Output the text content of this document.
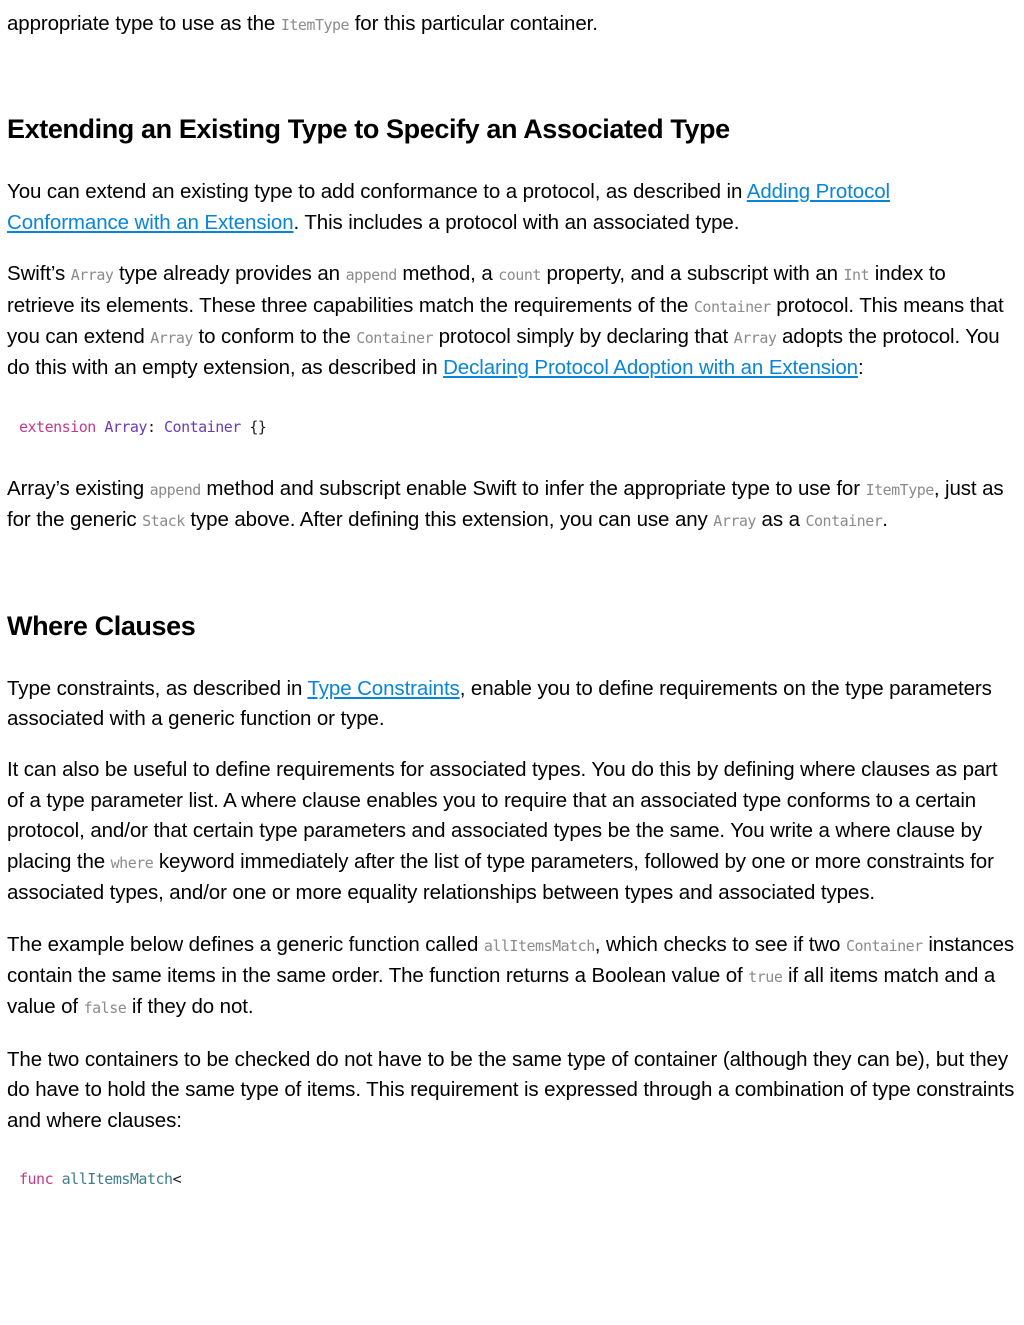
appropriate type to use as the ItemType for this particular container.

Extending an Existing Type to Specify an Associated Type

You can extend an existing type to add conformance to a protocol, as described in Adding Protocol Conformance with an Extension. This includes a protocol with an associated type.

Swift’s Array type already provides an append method, a count property, and a subscript with an Int index to retrieve its elements. These three capabilities match the requirements of the Container protocol. This means that you can extend Array to conform to the Container protocol simply by declaring that Array adopts the protocol. You do this with an empty extension, as described in Declaring Protocol Adoption with an Extension:

extension Array: Container {}

Array’s existing append method and subscript enable Swift to infer the appropriate type to use for ItemType, just as for the generic Stack type above. After defining this extension, you can use any Array as a Container.

Where Clauses

Type constraints, as described in Type Constraints, enable you to define requirements on the type parameters associated with a generic function or type.

It can also be useful to define requirements for associated types. You do this by defining where clauses as part of a type parameter list. A where clause enables you to require that an associated type conforms to a certain protocol, and/or that certain type parameters and associated types be the same. You write a where clause by placing the where keyword immediately after the list of type parameters, followed by one or more constraints for associated types, and/or one or more equality relationships between types and associated types.

The example below defines a generic function called allItemsMatch, which checks to see if two Container instances contain the same items in the same order. The function returns a Boolean value of true if all items match and a value of false if they do not.

The two containers to be checked do not have to be the same type of container (although they can be), but they do have to hold the same type of items. This requirement is expressed through a combination of type constraints and where clauses:

func allItemsMatch<
